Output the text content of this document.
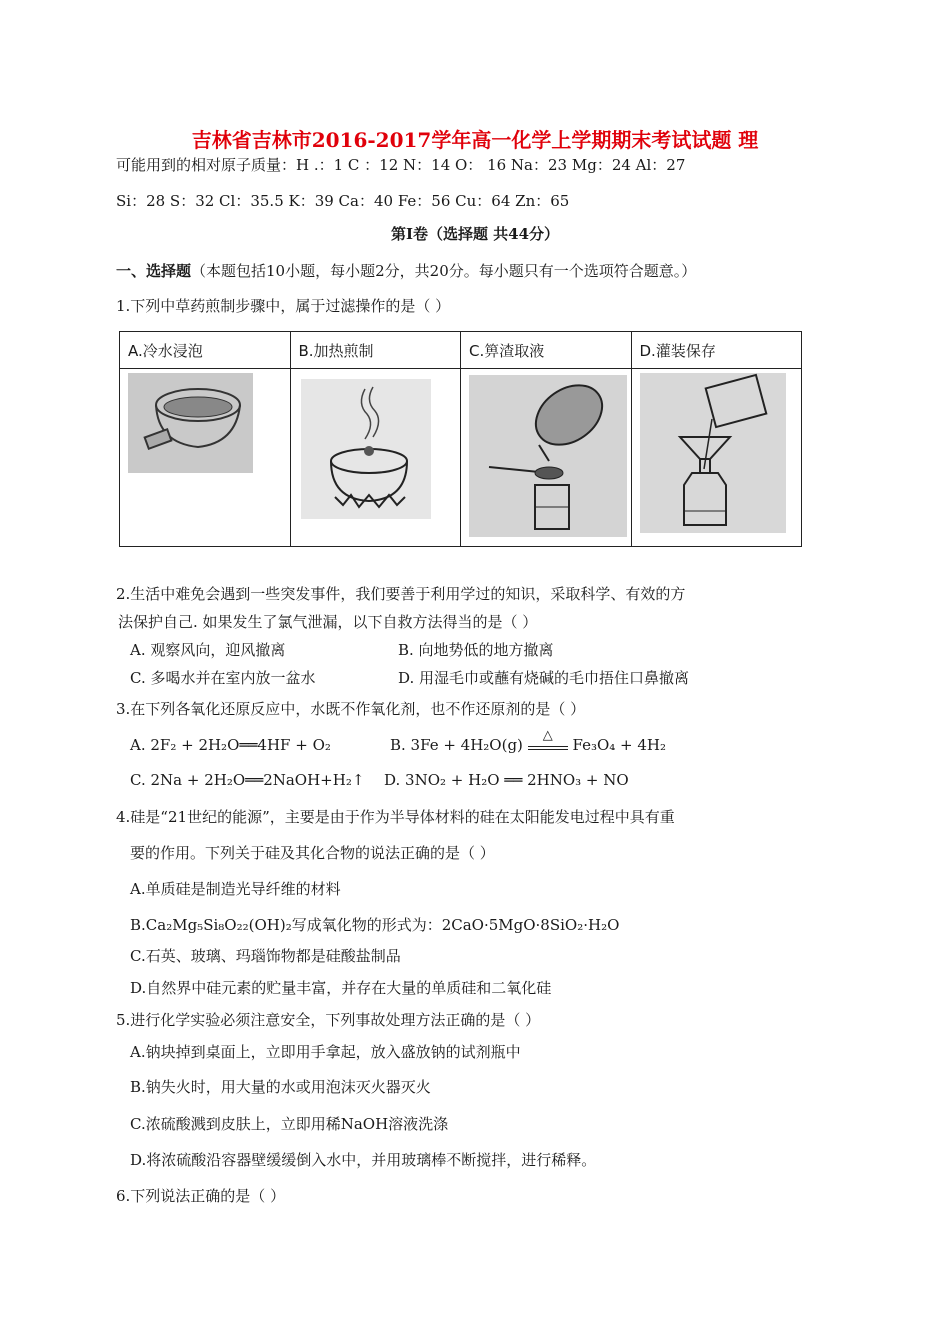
吉林省吉林市2016-2017学年高一化学上学期期末考试试题 理
可能用到的相对原子质量：H .：1 C ：12 N：14 O： 16 Na：23 Mg：24 Al：27
Si：28 S：32 Cl：35.5 K：39 Ca：40 Fe：56 Cu：64 Zn：65
第Ⅰ卷（选择题 共44分）
一、选择题（本题包括10小题，每小题2分，共20分。每小题只有一个选项符合题意。）
1.下列中草药煎制步骤中，属于过滤操作的是（ ）
A.冷水浸泡	B.加热煎制	C.箅渣取液	D.灌装保存

2.生活中难免会遇到一些突发事件，我们要善于利用学过的知识，采取科学、有效的方
法保护自己. 如果发生了氯气泄漏，以下自救方法得当的是（ ）
A. 观察风向，迎风撤离	B. 向地势低的地方撤离
C. 多喝水并在室内放一盆水	D. 用湿毛巾或蘸有烧碱的毛巾捂住口鼻撤离
3.在下列各氧化还原反应中，水既不作氧化剂，也不作还原剂的是（ ）
A. 2F₂ + 2H₂O══4HF + O₂	B. 3Fe + 4H₂O(g)
△
Fe₃O₄ + 4H₂
C. 2Na + 2H₂O══2NaOH+H₂↑ D. 3NO₂ + H₂O ══ 2HNO₃ + NO
4.硅是“21世纪的能源”，主要是由于作为半导体材料的硅在太阳能发电过程中具有重
要的作用。下列关于硅及其化合物的说法正确的是（ ）
A.单质硅是制造光导纤维的材料
B.Ca₂Mg₅Si₈O₂₂(OH)₂写成氧化物的形式为：2CaO·5MgO·8SiO₂·H₂O
C.石英、玻璃、玛瑙饰物都是硅酸盐制品
D.自然界中硅元素的贮量丰富，并存在大量的单质硅和二氧化硅
5.进行化学实验必须注意安全，下列事故处理方法正确的是（ ）
A.钠块掉到桌面上，立即用手拿起，放入盛放钠的试剂瓶中
B.钠失火时，用大量的水或用泡沫灭火器灭火
C.浓硫酸溅到皮肤上，立即用稀NaOH溶液洗涤
D.将浓硫酸沿容器壁缓缓倒入水中，并用玻璃棒不断搅拌，进行稀释。
6.下列说法正确的是（ ）
